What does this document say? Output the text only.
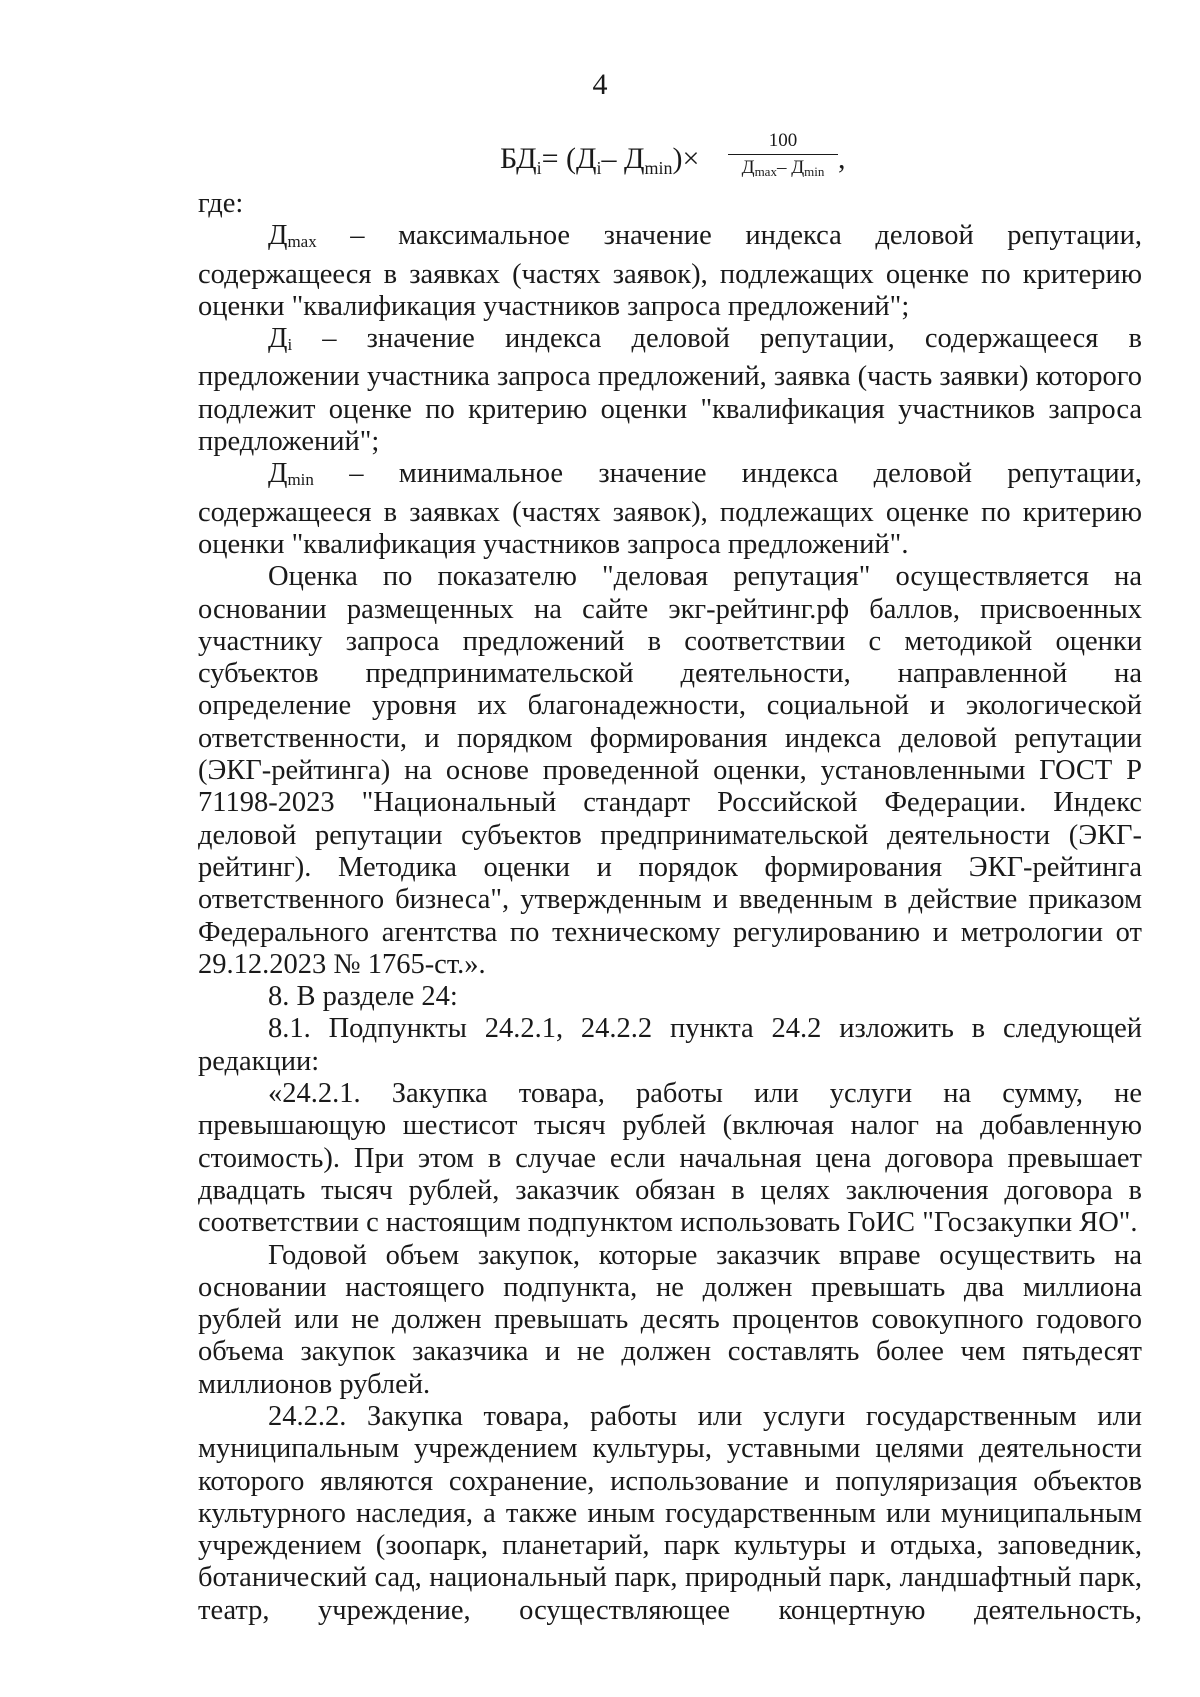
4
$БД_i= (Д_i-$ $Д_{min})\times$
100
$Д_{max}-$ $Д_{min}$ ,

где:

$Д_{max}$ – максимальное значение индекса деловой репутации, содержащееся в заявках (частях заявок), подлежащих оценке по критерию оценки "квалификация участников запроса предложений";

$Д_i$ – значение индекса деловой репутации, содержащееся в предложении участника запроса предложений, заявка (часть заявки) которого подлежит оценке по критерию оценки "квалификация участников запроса предложений";

$Д_{min}$ – минимальное значение индекса деловой репутации, содержащееся в заявках (частях заявок), подлежащих оценке по критерию оценки "квалификация участников запроса предложений".

Оценка по показателю "деловая репутация" осуществляется на основании размещенных на сайте экг-рейтинг.рф баллов, присвоенных участнику запроса предложений в соответствии с методикой оценки субъектов предпринимательской деятельности, направленной на определение уровня их благонадежности, социальной и экологической ответственности, и порядком формирования индекса деловой репутации (ЭКГ-рейтинга) на основе проведенной оценки, установленными ГОСТ Р 71198-2023 "Национальный стандарт Российской Федерации. Индекс деловой репутации субъектов предпринимательской деятельности (ЭКГ-рейтинг). Методика оценки и порядок формирования ЭКГ-рейтинга ответственного бизнеса", утвержденным и введенным в действие приказом Федерального агентства по техническому регулированию и метрологии от 29.12.2023 № 1765-ст.».

8. В разделе 24:

8.1. Подпункты 24.2.1, 24.2.2 пункта 24.2 изложить в следующей редакции:

«24.2.1. Закупка товара, работы или услуги на сумму, не превышающую шестисот тысяч рублей (включая налог на добавленную стоимость). При этом в случае если начальная цена договора превышает двадцать тысяч рублей, заказчик обязан в целях заключения договора в соответствии с настоящим подпунктом использовать ГоИС "Госзакупки ЯО".

Годовой объем закупок, которые заказчик вправе осуществить на основании настоящего подпункта, не должен превышать два миллиона рублей или не должен превышать десять процентов совокупного годового объема закупок заказчика и не должен составлять более чем пятьдесят миллионов рублей.

24.2.2. Закупка товара, работы или услуги государственным или муниципальным учреждением культуры, уставными целями деятельности которого являются сохранение, использование и популяризация объектов культурного наследия, а также иным государственным или муниципальным учреждением (зоопарк, планетарий, парк культуры и отдыха, заповедник, ботанический сад, национальный парк, природный парк, ландшафтный парк, театр, учреждение, осуществляющее концертную деятельность,
